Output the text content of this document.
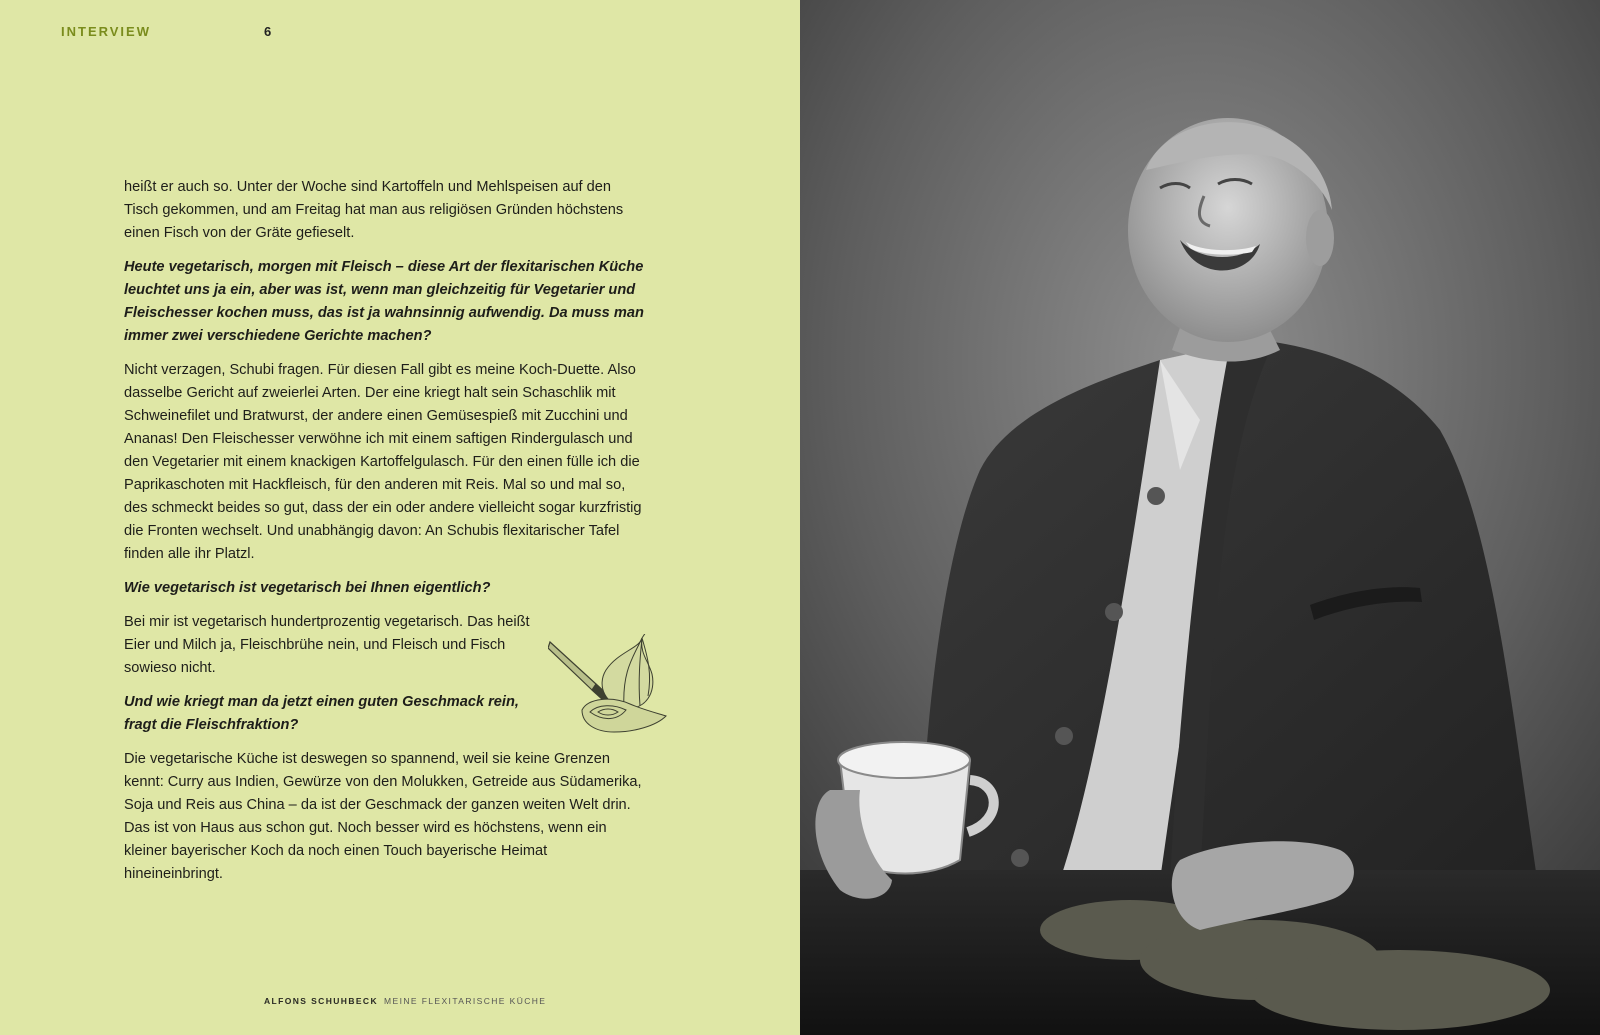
INTERVIEW	6

heißt er auch so. Unter der Woche sind Kartoffeln und Mehlspeisen auf den Tisch gekommen, und am Freitag hat man aus religiösen Gründen höchstens einen Fisch von der Gräte gefieselt.

Heute vegetarisch, morgen mit Fleisch – diese Art der flexitarischen Küche leuchtet uns ja ein, aber was ist, wenn man gleichzeitig für Vegetarier und Fleischesser kochen muss, das ist ja wahnsinnig aufwendig. Da muss man immer zwei verschiedene Gerichte machen?

Nicht verzagen, Schubi fragen. Für diesen Fall gibt es meine Koch-Duette. Also dasselbe Gericht auf zweierlei Arten. Der eine kriegt halt sein Schaschlik mit Schweinefilet und Bratwurst, der andere einen Gemüsespieß mit Zucchini und Ananas! Den Fleischesser verwöhne ich mit einem saftigen Rindergulasch und den Vegetarier mit einem knackigen Kartoffelgulasch. Für den einen fülle ich die Paprikaschoten mit Hackfleisch, für den anderen mit Reis. Mal so und mal so, des schmeckt beides so gut, dass der ein oder andere vielleicht sogar kurzfristig die Fronten wechselt. Und unabhängig davon: An Schubis flexitarischer Tafel finden alle ihr Platzl.

Wie vegetarisch ist vegetarisch bei Ihnen eigentlich?

Bei mir ist vegetarisch hundertprozentig vegetarisch. Das heißt Eier und Milch ja, Fleischbrühe nein, und Fleisch und Fisch sowieso nicht.

Und wie kriegt man da jetzt einen guten Geschmack rein, fragt die Fleischfraktion?

Die vegetarische Küche ist deswegen so spannend, weil sie keine Grenzen kennt: Curry aus Indien, Gewürze von den Molukken, Getreide aus Südamerika, Soja und Reis aus China – da ist der Geschmack der ganzen weiten Welt drin. Das ist von Haus aus schon gut. Noch besser wird es höchstens, wenn ein kleiner bayerischer Koch da noch einen Touch bayerische Heimat hineineinbringt.

ALFONS SCHUHBECK MEINE FLEXITARISCHE KÜCHE
